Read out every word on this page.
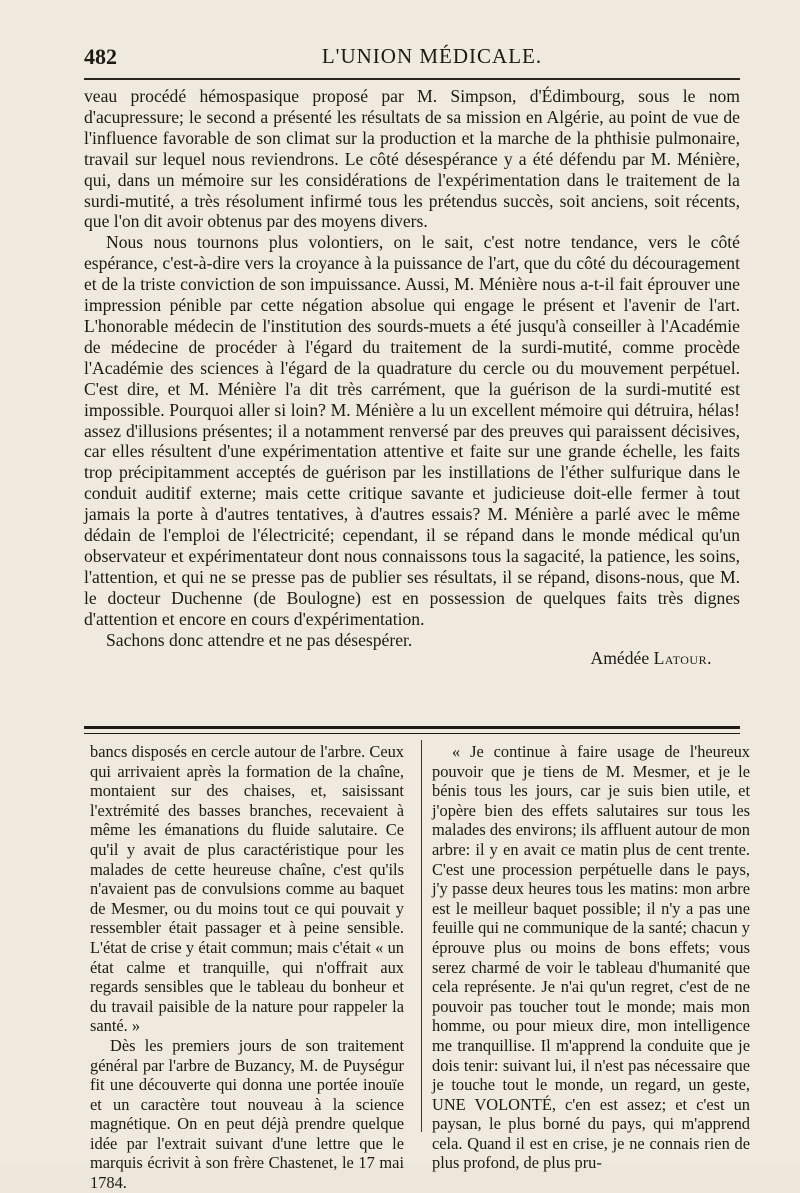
482	L'UNION MÉDICALE.

veau procédé hémospasique proposé par M. Simpson, d'Édimbourg, sous le nom d'acupressure; le second a présenté les résultats de sa mission en Algérie, au point de vue de l'influence favorable de son climat sur la production et la marche de la phthisie pulmonaire, travail sur lequel nous reviendrons. Le côté désespérance y a été défendu par M. Ménière, qui, dans un mémoire sur les considérations de l'expérimentation dans le traitement de la surdi-mutité, a très résolument infirmé tous les prétendus succès, soit anciens, soit récents, que l'on dit avoir obtenus par des moyens divers.

Nous nous tournons plus volontiers, on le sait, c'est notre tendance, vers le côté espérance, c'est-à-dire vers la croyance à la puissance de l'art, que du côté du découragement et de la triste conviction de son impuissance. Aussi, M. Ménière nous a-t-il fait éprouver une impression pénible par cette négation absolue qui engage le présent et l'avenir de l'art. L'honorable médecin de l'institution des sourds-muets a été jusqu'à conseiller à l'Académie de médecine de procéder à l'égard du traitement de la surdi-mutité, comme procède l'Académie des sciences à l'égard de la quadrature du cercle ou du mouvement perpétuel. C'est dire, et M. Ménière l'a dit très carrément, que la guérison de la surdi-mutité est impossible. Pourquoi aller si loin? M. Ménière a lu un excellent mémoire qui détruira, hélas! assez d'illusions présentes; il a notamment renversé par des preuves qui paraissent décisives, car elles résultent d'une expérimentation attentive et faite sur une grande échelle, les faits trop précipitamment acceptés de guérison par les instillations de l'éther sulfurique dans le conduit auditif externe; mais cette critique savante et judicieuse doit-elle fermer à tout jamais la porte à d'autres tentatives, à d'autres essais? M. Ménière a parlé avec le même dédain de l'emploi de l'électricité; cependant, il se répand dans le monde médical qu'un observateur et expérimentateur dont nous connaissons tous la sagacité, la patience, les soins, l'attention, et qui ne se presse pas de publier ses résultats, il se répand, disons-nous, que M. le docteur Duchenne (de Boulogne) est en possession de quelques faits très dignes d'attention et encore en cours d'expérimentation.

Sachons donc attendre et ne pas désespérer.

Amédée Latour.

bancs disposés en cercle autour de l'arbre. Ceux qui arrivaient après la formation de la chaîne, montaient sur des chaises, et, saisissant l'extrémité des basses branches, recevaient à même les émanations du fluide salutaire. Ce qu'il y avait de plus caractéristique pour les malades de cette heureuse chaîne, c'est qu'ils n'avaient pas de convulsions comme au baquet de Mesmer, ou du moins tout ce qui pouvait y ressembler était passager et à peine sensible. L'état de crise y était commun; mais c'était « un état calme et tranquille, qui n'offrait aux regards sensibles que le tableau du bonheur et du travail paisible de la nature pour rappeler la santé. »

Dès les premiers jours de son traitement général par l'arbre de Buzancy, M. de Puységur fit une découverte qui donna une portée inouïe et un caractère tout nouveau à la science magnétique. On en peut déjà prendre quelque idée par l'extrait suivant d'une lettre que le marquis écrivit à son frère Chastenet, le 17 mai 1784.

« Je continue à faire usage de l'heureux pouvoir que je tiens de M. Mesmer, et je le bénis tous les jours, car je suis bien utile, et j'opère bien des effets salutaires sur tous les malades des environs; ils affluent autour de mon arbre: il y en avait ce matin plus de cent trente. C'est une procession perpétuelle dans le pays, j'y passe deux heures tous les matins: mon arbre est le meilleur baquet possible; il n'y a pas une feuille qui ne communique de la santé; chacun y éprouve plus ou moins de bons effets; vous serez charmé de voir le tableau d'humanité que cela représente. Je n'ai qu'un regret, c'est de ne pouvoir pas toucher tout le monde; mais mon homme, ou pour mieux dire, mon intelligence me tranquillise. Il m'apprend la conduite que je dois tenir: suivant lui, il n'est pas nécessaire que je touche tout le monde, un regard, un geste, UNE VOLONTÉ, c'en est assez; et c'est un paysan, le plus borné du pays, qui m'apprend cela. Quand il est en crise, je ne connais rien de plus profond, de plus pru-
